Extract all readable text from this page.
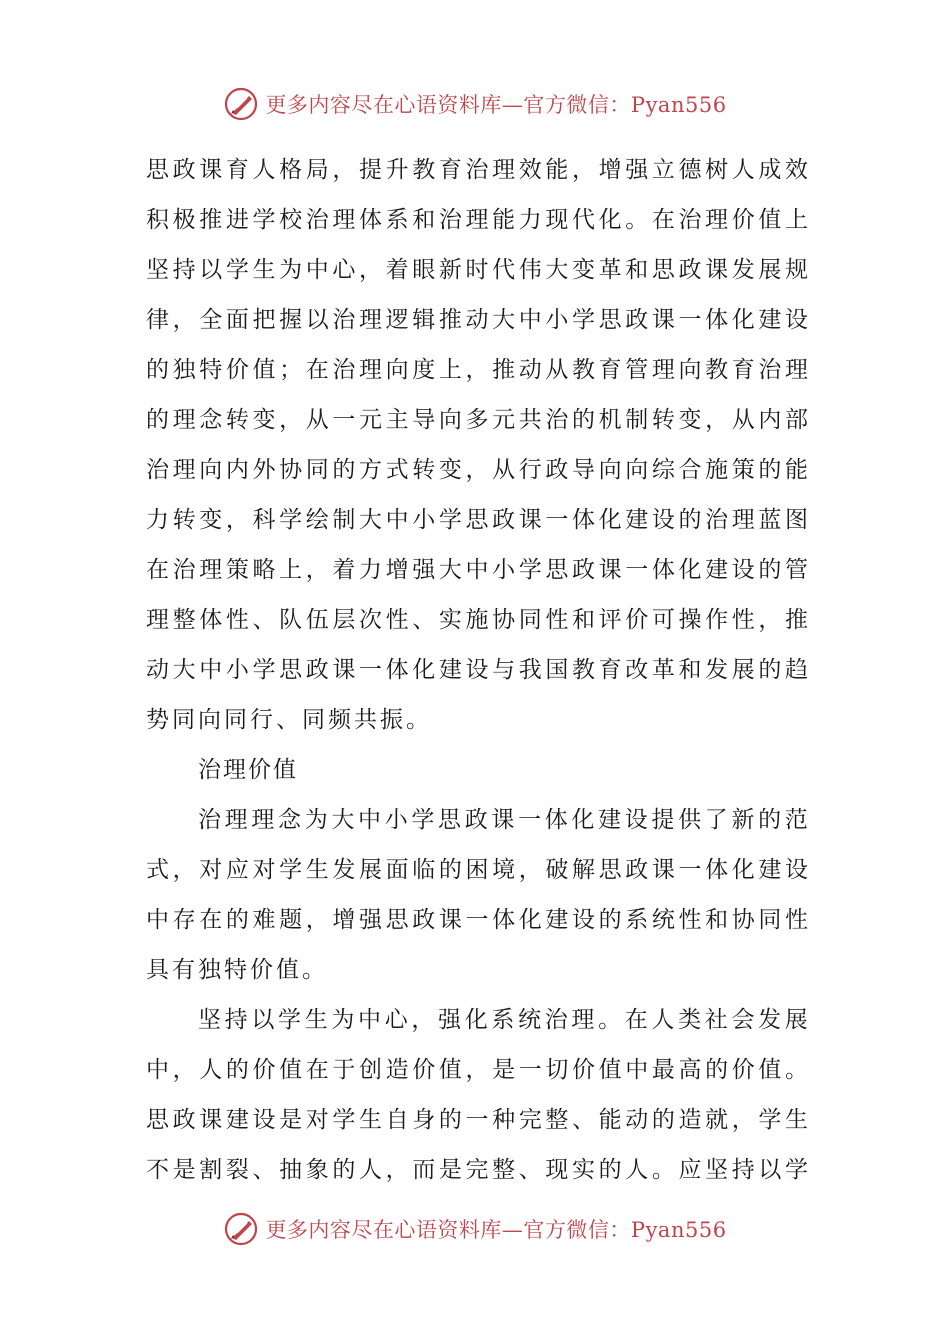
更多内容尽在心语资料库—官方微信：Pyan556
思 政 课 育 人 格 局 ， 提 升 教 育 治 理 效 能 ， 增 强 立 德 树 人 成 效
积 极 推 进 学 校 治 理 体 系 和 治 理 能 力 现 代 化 。 在 治 理 价 值 上
坚 持 以 学 生 为 中 心 ， 着 眼 新 时 代 伟 大 变 革 和 思 政 课 发 展 规
律 ， 全 面 把 握 以 治 理 逻 辑 推 动 大 中 小 学 思 政 课 一 体 化 建 设
的 独 特 价 值 ； 在 治 理 向 度 上 ， 推 动 从 教 育 管 理 向 教 育 治 理
的 理 念 转 变 ， 从 一 元 主 导 向 多 元 共 治 的 机 制 转 变 ， 从 内 部
治 理 向 内 外 协 同 的 方 式 转 变 ， 从 行 政 导 向 向 综 合 施 策 的 能
力 转 变 ， 科 学 绘 制 大 中 小 学 思 政 课 一 体 化 建 设 的 治 理 蓝 图
在 治 理 策 略 上 ， 着 力 增 强 大 中 小 学 思 政 课 一 体 化 建 设 的 管
理 整 体 性 、 队 伍 层 次 性 、 实 施 协 同 性 和 评 价 可 操 作 性 ， 推
动 大 中 小 学 思 政 课 一 体 化 建 设 与 我 国 教 育 改 革 和 发 展 的 趋
势同向同行、同频共振。
治理价值
治 理 理 念 为 大 中 小 学 思 政 课 一 体 化 建 设 提 供 了 新 的 范
式 ， 对 应 对 学 生 发 展 面 临 的 困 境 ， 破 解 思 政 课 一 体 化 建 设
中 存 在 的 难 题 ， 增 强 思 政 课 一 体 化 建 设 的 系 统 性 和 协 同 性
具有独特价值。
坚 持 以 学 生 为 中 心 ， 强 化 系 统 治 理 。 在 人 类 社 会 发 展
中 ， 人 的 价 值 在 于 创 造 价 值 ， 是 一 切 价 值 中 最 高 的 价 值 。
思 政 课 建 设 是 对 学 生 自 身 的 一 种 完 整 、 能 动 的 造 就 ， 学 生
不 是 割 裂 、 抽 象 的 人 ， 而 是 完 整 、 现 实 的 人 。 应 坚 持 以 学
更多内容尽在心语资料库—官方微信：Pyan556
